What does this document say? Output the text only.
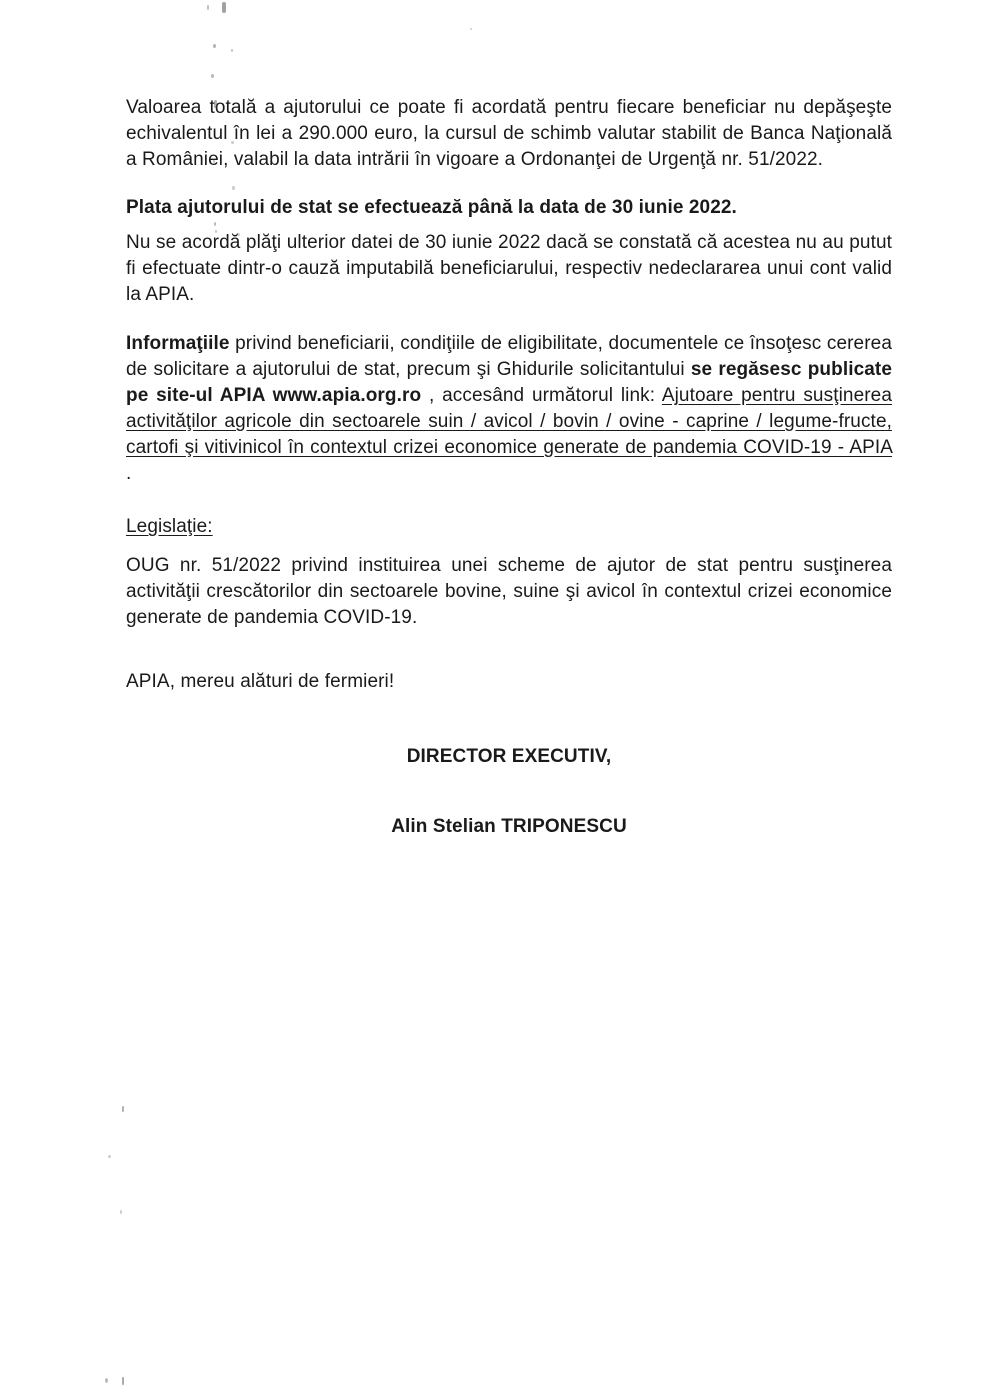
Valoarea totală a ajutorului ce poate fi acordată pentru fiecare beneficiar nu depăşeşte echivalentul în lei a 290.000 euro, la cursul de schimb valutar stabilit de Banca Naţională a României, valabil la data intrării în vigoare a Ordonanţei de Urgenţă nr. 51/2022.

Plata ajutorului de stat se efectuează până la data de 30 iunie 2022.

Nu se acordă plăţi ulterior datei de 30 iunie 2022 dacă se constată că acestea nu au putut fi efectuate dintr-o cauză imputabilă beneficiarului, respectiv nedeclararea unui cont valid la APIA.

Informaţiile privind beneficiarii, condiţiile de eligibilitate, documentele ce însoţesc cererea de solicitare a ajutorului de stat, precum şi Ghidurile solicitantului se regăsesc publicate pe site-ul APIA www.apia.org.ro , accesând următorul link: Ajutoare pentru susţinerea activităţilor agricole din sectoarele suin / avicol / bovin / ovine - caprine / legume-fructe, cartofi şi vitivinicol în contextul crizei economice generate de pandemia COVID-19 - APIA .

Legislaţie:

OUG nr. 51/2022 privind instituirea unei scheme de ajutor de stat pentru susţinerea activităţii crescătorilor din sectoarele bovine, suine şi avicol în contextul crizei economice generate de pandemia COVID-19.

APIA, mereu alături de fermieri!

DIRECTOR EXECUTIV,

Alin Stelian TRIPONESCU
